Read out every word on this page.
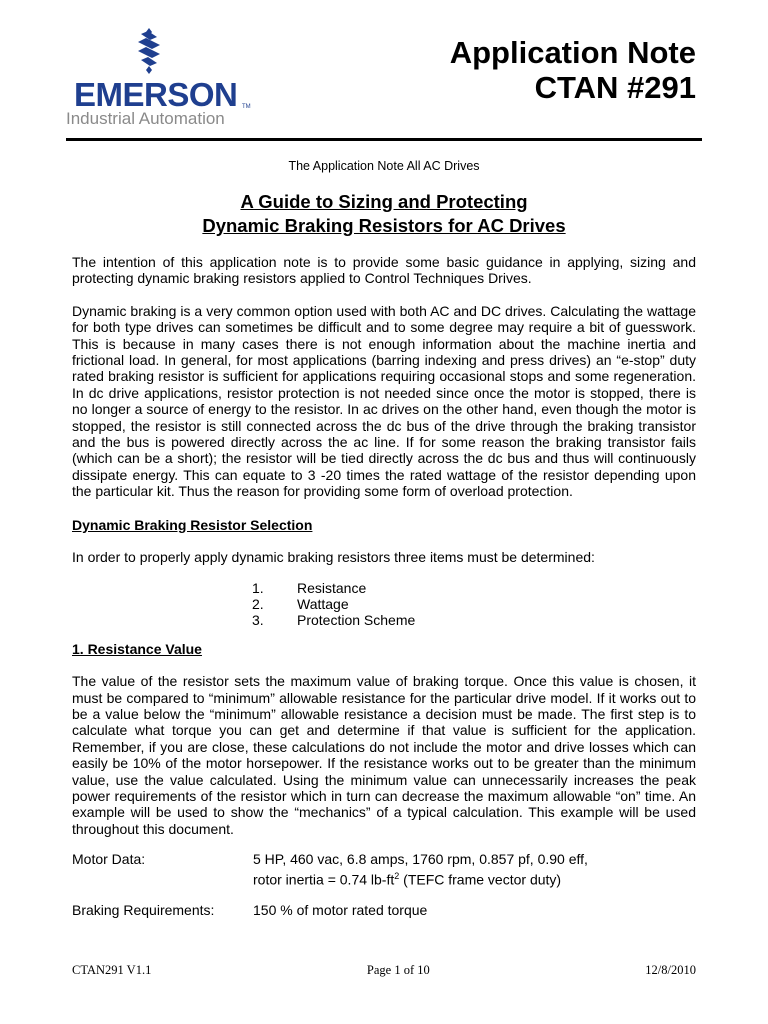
EMERSON TM
Industrial Automation
Application Note
CTAN #291
The Application Note All AC Drives
A Guide to Sizing and Protecting
Dynamic Braking Resistors for AC Drives

The intention of this application note is to provide some basic guidance in applying, sizing and protecting dynamic braking resistors applied to Control Techniques Drives.

Dynamic braking is a very common option used with both AC and DC drives. Calculating the wattage for both type drives can sometimes be difficult and to some degree may require a bit of guesswork. This is because in many cases there is not enough information about the machine inertia and frictional load. In general, for most applications (barring indexing and press drives) an “e-stop” duty rated braking resistor is sufficient for applications requiring occasional stops and some regeneration. In dc drive applications, resistor protection is not needed since once the motor is stopped, there is no longer a source of energy to the resistor. In ac drives on the other hand, even though the motor is stopped, the resistor is still connected across the dc bus of the drive through the braking transistor and the bus is powered directly across the ac line. If for some reason the braking transistor fails (which can be a short); the resistor will be tied directly across the dc bus and thus will continuously dissipate energy. This can equate to 3 -20 times the rated wattage of the resistor depending upon the particular kit. Thus the reason for providing some form of overload protection.

Dynamic Braking Resistor Selection

In order to properly apply dynamic braking resistors three items must be determined:

1.	Resistance
2.	Wattage
3.	Protection Scheme

1. Resistance Value

The value of the resistor sets the maximum value of braking torque. Once this value is chosen, it must be compared to “minimum” allowable resistance for the particular drive model. If it works out to be a value below the “minimum” allowable resistance a decision must be made. The first step is to calculate what torque you can get and determine if that value is sufficient for the application. Remember, if you are close, these calculations do not include the motor and drive losses which can easily be 10% of the motor horsepower. If the resistance works out to be greater than the minimum value, use the value calculated. Using the minimum value can unnecessarily increases the peak power requirements of the resistor which in turn can decrease the maximum allowable “on” time. An example will be used to show the “mechanics” of a typical calculation. This example will be used throughout this document.

Motor Data:	5 HP, 460 vac, 6.8 amps, 1760 rpm, 0.857 pf, 0.90 eff,
rotor inertia = 0.74 $lb-ft^2$ (TEFC frame vector duty)
Braking Requirements:	150 % of motor rated torque
CTAN291 V1.1	Page 1 of 10	12/8/2010
